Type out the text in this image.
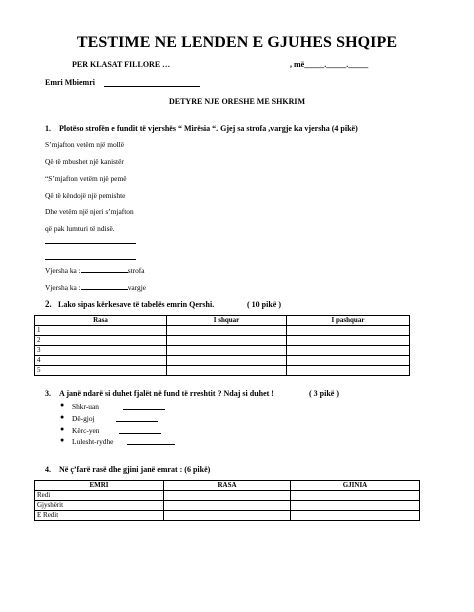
TESTIME NE LENDEN E GJUHES SHQIPE
PER KLASAT FILLORE …	, më_____._____._____
Emri Mbiemri
DETYRE NJE ORESHE ME SHKRIM
1. Plotëso strofën e fundit të vjershës “ Mirësia “. Gjej sa strofa ,vargje ka vjersha (4 pikë)
S’mjafton vetëm një mollë
Që të mbushet një kanistër
“S’mjafton vetëm një pemë
Që të këndojë një pemishte
Dhe vetëm një njeri s’mjafton
që pak lumturi të ndisë.
Vjersha ka :	strofa
Vjersha ka :	vargje
2. Lako sipas kërkesave të tabelës emrin Qershi.	( 10 pikë )
Rasa	I shquar	I pashquar
1		
2		
3		
4		
5		
3. A janë ndarë si duhet fjalët në fund të rreshtit ? Ndaj si duhet !	( 3 pikë )
● Shkr-uan
● Dë-gjoj
● Kërc-yen
● Lulesht-rydhe
4. Në ç’farë rasë dhe gjini janë emrat : (6 pikë)
EMRI	RASA	GJINIA
Redi		
Gjyshërit		
E Redit		
